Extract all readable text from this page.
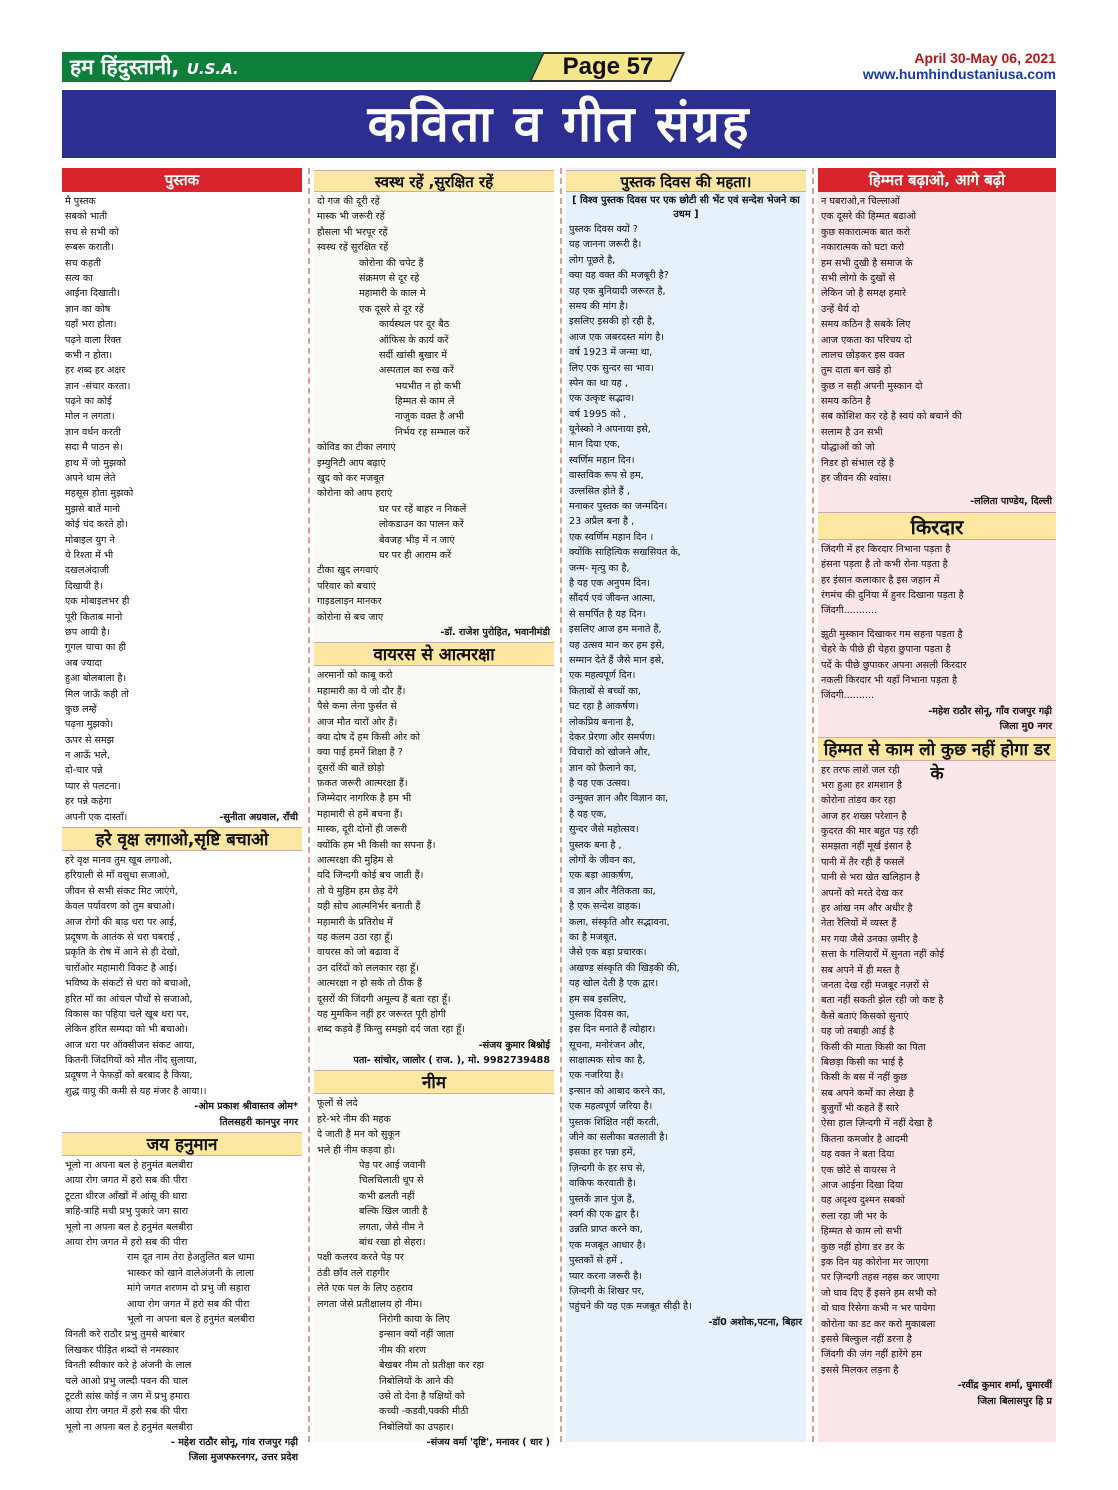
हम हिंदुस्तानी, U.S.A.	Page 57	April 30-May 06, 2021
www.humhindustaniusa.com
कविता व गीत संग्रह
पुस्तक
मै पुस्तक
सबको भाती
सच से सभी को
रूबरू कराती।
सच कहती
सत्य का
आईना दिखाती।
ज्ञान का कोष
यहाँ भरा होता।
पढ़ने वाला रिक्त
कभी न होता।
हर शब्द हर अक्षर
ज्ञान -संचार करता।
पढ़ने का कोई
मोल न लगता।
ज्ञान वर्धन करती
सदा मै पाठन से।
हाथ में जो मुझको
अपने थाम लेते
महसूस होता मुझको
मुझसे बातें मानो
कोई चंद करते हो।
मोबाइल युग ने
ये रिश्ता में भी
दखलअंदाजी
दिखायी है।
एक मोबाइलभर ही
पूरी किताब मानो
छप आयी है।
गूगल चाचा का ही
अब ज्यादा
हुआ बोलबाला है।
मिल जाऊँ कही तो
कुछ लम्हें
पढ़ना मुझको।
ऊपर से समझ
न आऊँ भले,
दो-चार पन्ने
प्यार से पलटना।
हर पन्ने कहेगा
अपनी एक दास्ताँ।	-सुनीता अग्रवाल, राँची
हरे वृक्ष लगाओ,सृष्टि बचाओ
हरे वृक्ष मानव तुम खूब लगाओ,
हरियाली से माँ वसुधा सजाओ,
जीवन से सभी संकट मिट जाएंगे,
केवल पर्यावरण को तुम बचाओ।
आज रोगों की बाढ़ धरा पर आई,
प्रदूषण के आतंक से धरा घबराई ,
प्रकृति के रोष में आने से ही देखो,
चारोंओर महामारी विकट है आई।
भविष्य के संकटों से धरा को बचाओ,
हरित माँ का आंचल पौधों से सजाओ,
विकास का पहिया चले खूब धरा पर,
लेकिन हरित सम्पदा को भी बचाओ।
आज धरा पर ऑक्सीजन संकट आया,
कितनी जिंदगियों को मौत नींद सुलाया,
प्रदूषण ने फेफड़ों को बरबाद है किया,
शुद्ध वायु की कमी से यह मंजर है आया।।
-ओम प्रकाश श्रीवास्तव ओम*
तिलसहरी कानपुर नगर
जय हनुमान
भूलो ना अपना बल हे हनुमंत बलबीरा
आया रोग जगत में हरो सब की पीरा
टूटता धीरज आँखों में आंसू की धारा
त्राहि-त्राहि मची प्रभु पुकारे जग सारा
भूलो ना अपना बल हे हनुमंत बलबीरा
आया रोग जगत में हरो सब की पीरा
राम दूत नाम तेरा हेअतुलित बल धामा
भास्कर को खाने वालेअंजनी के लाला
मांगे जगत शरणम दो प्रभु जी सहारा
आया रोग जगत में हरो सब की पीरा
भूलो ना अपना बल हे हनुमंत बलबीरा
विनती करे राठौर प्रभु तुमसे बारंबार
लिखकर पीड़ित शब्दों से नमस्कार
विनती स्वीकार करे हे अंजनी के लाल
चले आओ प्रभु जल्दी पवन की चाल
टूटती सांस कोई न जग में प्रभु हमारा
आया रोग जगत में हरो सब की पीरा
भूलो ना अपना बल हे हनुमंत बलबीरा
- महेश राठौर सोनू, गांव राजपुर गढ़ी
जिला मुजफ्फरनगर, उत्तर प्रदेश
स्वस्थ रहें ,सुरक्षित रहें
दो गज की दूरी रहें
मास्क भी जरूरी रहें
हौसला भी भरपूर रहें
स्वस्थ रहें सुरक्षित रहें
कोरोना की चपेट हैं
संक्रमण से दूर रहे
महामारी के काल मे
एक दूसरे से दूर रहें
कार्यस्थल पर दूर बैठ
ऑफिस के कार्य करें
सर्दी खांसी बुखार में
अस्पताल का रुख करें
भयभीत न हो कभी
हिम्मत से काम लें
नाजुक वक़्त है अभी
निर्भय रह सम्भाल करें
कोविड का टीका लगाएं
इम्युनिटी आप बढ़ाएं
खुद को कर मजबूत
कोरोना को आप हराएं
घर पर रहें बाहर न निकलें
लोकडाउन का पालन करें
बेवजह भीड़ में न जाएं
घर पर ही आराम करें
टीका खुद लगवाएं
परिवार को बचाएं
गाइडलाइन मानकर
कोरोना से बच जाए
-डॉ. राजेश पुरोहित, भवानीमंडी
वायरस से आत्मरक्षा
अरमानों को काबू करो
महामारी का ये जो दौर हैं।
पैसे कमा लेना फुर्सत से
आज मौत चारों ओर हैं।
क्या दोष दें हम किसी ओर को
क्या पाई हमनें शिक्षा हैं ?
दूसरों की बातें छोड़ो
फ़कत जरूरी आत्मरक्षा हैं।
जिम्मेदार नागरिक है हम भी
महामारी से हमें बचना हैं।
मास्क, दूरी दोनों ही जरूरी
क्योंकि हम भी किसी का सपना हैं।
आत्मरक्षा की मुहिम से
यदि जिन्दगी कोई बच जाती हैं।
तो ये मुहिम हम छेड़ देंगे
यही सोच आत्मनिर्भर बनाती हैं
महामारी के प्रतिरोध में
यह कलम उठा रहा हूँ।
वायरस को जो बढावा दें
उन दरिंदों को ललकार रहा हूँ।
आत्मरक्षा न हो सके तो ठीक हैं
दूसरों की जिंदगी अमूल्य हैं बता रहा हूँ।
यह मुमकिन नहीं हर जरूरत पूरी होगी
शब्द कड़वे हैं किन्तु समझो दर्द जता रहा हूँ।
-संजय कुमार बिश्नोई
पता- सांचोर, जालोर ( राज. ), मो. 9982739488
नीम
फूलों से लदे
हरे-भरे नीम की महक
दे जाती है मन को सुकून
भले ही नीम कड़वा हो।
पेड़ पर आई जवानी
चिलचिलाती धूप से
कभी ढलती नहीं
बल्कि खिल जाती है
लगता, जेसे नीम ने
बांध रखा हो सेहरा।
पक्षी कलरव करते पेड़ पर
ठंडी छाँव तले राहगीर
लेते एक पल के लिए ठहराव
लगता जेसे प्रतीक्षालय हो नीम।
निरोगी काया के लिए
इन्सान क्यों नहीं जाता
नीम की शरण
बेखबर नीम तो प्रतीक्षा कर रहा
निबोलियों के आने की
उसे तो देना है पक्षियों को
कच्ची -कडवी,पक्की मीठी
निबोलियों का उपहार।
-संजय वर्मा 'दृष्टि', मनावर ( धार )
पुस्तक दिवस की महता।
[ विश्व पुस्तक दिवस पर एक छोटी सी भेंट एवं सन्देश भेजने का उधम ]
पुस्तक दिवस क्यों ?
यह जानना जरूरी है।
लोग पूछते है,
क्या यह वक्त की मजबूरी है?
यह एक बुनियादी जरूरत है,
समय की मांग है।
इसलिए इसकी हो रही है,
आज एक जबरदस्त मांग है।
वर्ष 1923 में जन्मा था,
लिए एक सुन्दर सा भाव।
स्पेन का था यह ,
एक उत्कृष्ट सद्भाव।
वर्ष 1995 को ,
यूनेस्को ने अपनाया इसे,
मान दिया एक,
स्वर्णिम महान दिन।
वास्तविक रूप से हम,
उल्लसित होते हैं ,
मनाकर पुस्तक का जन्मदिन।
23 अप्रैल बना है ,
एक स्वर्णिम महान दिन ।
क्योंकि साहित्यिक सखसियत के,
जन्म- मृत्यु का है,
है यह एक अनुपम दिन।
सौंदर्य एवं जीवन्त आत्मा,
से समर्पित है यह दिन।
इसलिए आज हम मनाते हैं,
यह उत्सव मान कर हम इसे,
सम्मान देते हैं जैसे मान इसे,
एक महत्वपूर्ण दिन।
किताबों से बच्चों का,
घट रहा है आकर्षण।
लोकप्रिय बनाना है,
देकर प्रेरणा और समर्पण।
विचारों को खोजने और,
ज्ञान को फ़ैलाने का,
है यह एक उत्सव।
उन्मुक्त ज्ञान और विज्ञान का,
है यह एक,
सुन्दर जैसे महोत्सव।
पुस्तक बना है ,
लोगों के जीवन का,
एक बड़ा आकर्षण,
व ज्ञान और नैतिकता का,
है एक सन्देश वाहक।
कला, संस्कृति और सद्भावना,
का है मजबूत,
जैसे एक बड़ा प्रचारक।
अखण्ड संस्कृति की खिड़की की,
यह खोल देती है एक द्वार।
हम सब इसलिए,
पुस्तक दिवस का,
इस दिन मनाते हैं त्योहार।
सूचना, मनोरंजन और,
साक्षात्मक सोच का है,
एक नजरिया है।
इन्सान को आबाद करने का,
एक महत्वपूर्ण जरिया है।
पुस्तक शिक्षित नहीं करती,
जीने का सलीका बतलाती है।
इसका हर पन्ना हमें,
ज़िन्दगी के हर सच से,
वाकिफ करवाती है।
पुस्तकें ज्ञान पुंज हैं,
स्वर्ग की एक द्वार है।
उन्नति प्राप्त करने का,
एक मजबूत आधार है।
पुस्तकों से हमें ,
प्यार करना जरूरी है।
ज़िन्दगी के शिखर पर,
पहुंचने की यह एक मजबूत सीढ़ी है।
-डॉ0 अशोक,पटना, बिहार
हिम्मत बढ़ाओ, आगे बढ़ो
न घबराओ,न चिल्लाओं
एक दूसरे की हिम्मत बढाओ
कुछ सकारात्मक बात करो
नकारात्मक को घटा करो
हम सभी दुखी है समाज के
सभी लोगो के दुखों से
लेकिन जो है समक्ष हमारे
उन्हें धैर्य दो
समय कठिन है सबके लिए
आज एकता का परिचय दो
लालच छोड़कर इस वक्त
तुम दाता बन खड़े हो
कुछ न सही अपनी मुस्कान दो
समय कठिन है
सब कोशिश कर रहे है स्वयं को बचाने की
सलाम है उन सभी
योद्धाओं को जो
निडर हो संभाल रहे है
हर जीवन की श्वांस।
-ललिता पाण्डेय, दिल्ली
किरदार
जिंदगी में हर किरदार निभाना पड़ता है
हंसना पड़ता है तो कभी रोना पड़ता है
हर इंसान कलाकार है इस जहान में
रंगमंच की दुनिया में हुनर दिखाना पड़ता है
जिंदगी...........
झूठी मुस्कान दिखाकर गम सहना पड़ता है
चेहरे के पीछे ही चेहरा छुपाना पड़ता है
पर्दे के पीछे छुपाकर अपना असली किरदार
नकली किरदार भी यहाँ निभाना पड़ता है
जिंदगी..........
-महेश राठौर सोनू, गाँव राजपुर गढ़ी
जिला मु0 नगर
हिम्मत से काम लो कुछ नहीं होगा डर के
हर तरफ लाशें जल रही
भरा हुआ हर शमशान है
कोरोना तांडव कर रहा
आज हर शख्स परेशान है
कुदरत की मार बहुत पड़ रही
समझता नहीं मूर्ख इंसान है
पानी में तैर रही हैं फसलें
पानी से भरा खेत खलिहान है
अपनों को मरते देख कर
हर आंख नम और अधीर है
नेता रैलियों में व्यस्त हैं
मर गया जैसे उनका ज़मीर है
सत्ता के गलियारों में सुनता नहीं कोई
सब अपने में ही मस्त है
जनता देख रही मजबूर नज़रों से
बता नहीं सकती झेल रही जो कष्ट है
कैसे बताएं किसको सुनाएं
यह जो तबाही आई है
किसी की माता किसी का पिता
बिछड़ा किसी का भाई है
किसी के बस में नहीं कुछ
सब अपने कर्मों का लेखा है
बुजुर्गों भी कहते हैं सारे
ऐसा हाल ज़िन्दगी में नहीं देखा है
कितना कमजोर है आदमी
यह वक्त ने बता दिया
एक छोटे से वायरस ने
आज आईना दिखा दिया
यह अदृश्य दुश्मन सबको
रुला रहा जी भर के
हिम्मत से काम लो सभी
कुछ नहीं होगा डर डर के
इक दिन यह कोरोना मर जाएगा
पर ज़िन्दगी तहस नहस कर जाएगा
जो घाव दिए हैं इसने हम सभी को
वो घाव रिसेगा कभी न भर पायेगा
कोरोना का डट कर करो मुकाबला
इससे बिल्कुल नहीं डरना है
जिंदगी की जंग नहीं हारेंगे हम
इससे मिलकर लड़ना है
-रवींद्र कुमार शर्मा, घुमारवीं
जिला बिलासपुर हि प्र
